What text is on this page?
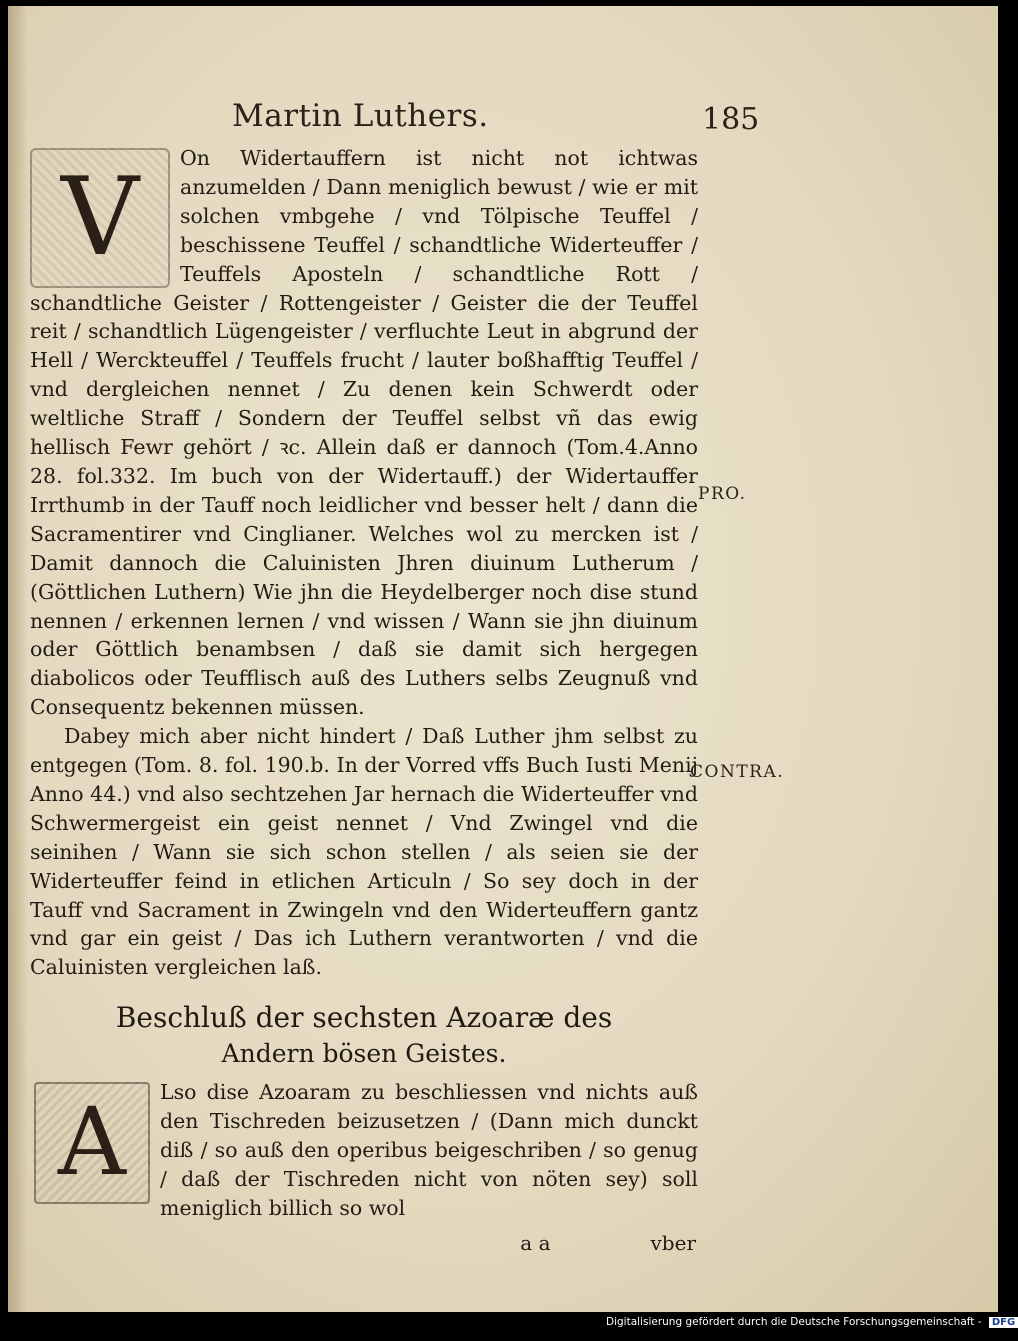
Martin Luthers.	185

V	On Widertauffern ist nicht not ichtwas anzumelden / Dann meniglich bewust / wie er mit solchen vmbgehe / vnd Tölpische Teuffel / beschissene Teuffel / schandtliche Widerteuffer / Teuffels Aposteln / schandtliche Rott / schandtliche Geister / Rottengeister / Geister die der Teuffel reit / schandtlich Lügengeister / verfluchte Leut in abgrund der Hell / Werckteuffel / Teuffels frucht / lauter boßhafftig Teuffel / vnd dergleichen nennet / Zu denen kein Schwerdt oder weltliche Straff / Sondern der Teuffel selbst vñ das ewig hellisch Fewr gehört / ꝛc. Allein daß er dannoch (Tom.4.Anno 28. fol.332. Im buch von der Widertauff.) der Widertauffer Irrthumb in der Tauff noch leidlicher vnd besser helt / dann die Sacramentirer vnd Cinglianer. Welches wol zu mercken ist / Damit dannoch die Caluinisten Jhren diuinum Lutherum / (Göttlichen Luthern) Wie jhn die Heydelberger noch dise stund nennen / erkennen lernen / vnd wissen / Wann sie jhn diuinum oder Göttlich benambsen / daß sie damit sich hergegen diabolicos oder Teufflisch auß des Luthers selbs Zeugnuß vnd Consequentz bekennen müssen.

Dabey mich aber nicht hindert / Daß Luther jhm selbst zu entgegen (Tom. 8. fol. 190.b. In der Vorred vffs Buch Iusti Menij Anno 44.) vnd also sechtzehen Jar hernach die Widerteuffer vnd Schwermergeist ein geist nennet / Vnd Zwingel vnd die seinihen / Wann sie sich schon stellen / als seien sie der Widerteuffer feind in etlichen Articuln / So sey doch in der Tauff vnd Sacrament in Zwingeln vnd den Widerteuffern gantz vnd gar ein geist / Das ich Luthern verantworten / vnd die Caluinisten vergleichen laß.

Beschluß der sechsten Azoaræ des
Andern bösen Geistes.

A	Lso dise Azoaram zu beschliessen vnd nichts auß den Tischreden beizusetzen / (Dann mich dunckt diß / so auß den operibus beigeschriben / so genug / daß der Tischreden nicht von nöten sey) soll meniglich billich so wol

a a	vber
PRO.
CONTRA.
Digitalisierung gefördert durch die Deutsche Forschungsgemeinschaft - DFG
